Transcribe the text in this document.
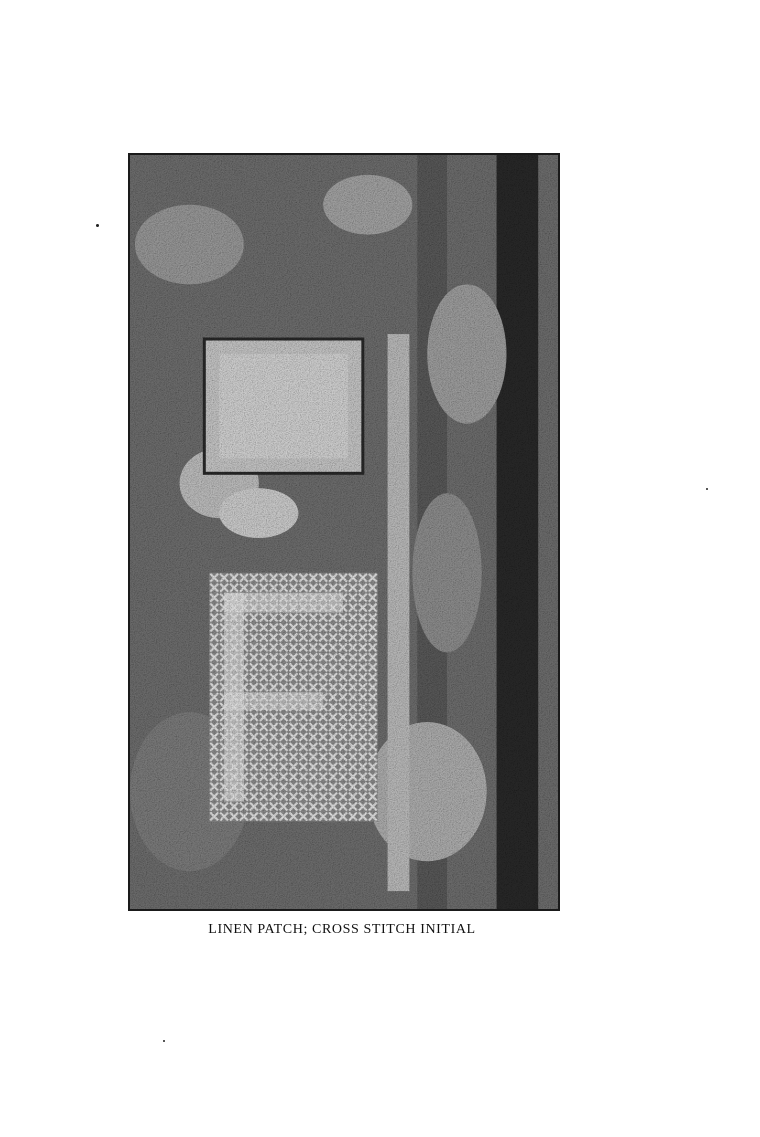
LINEN PATCH; CROSS STITCH INITIAL
